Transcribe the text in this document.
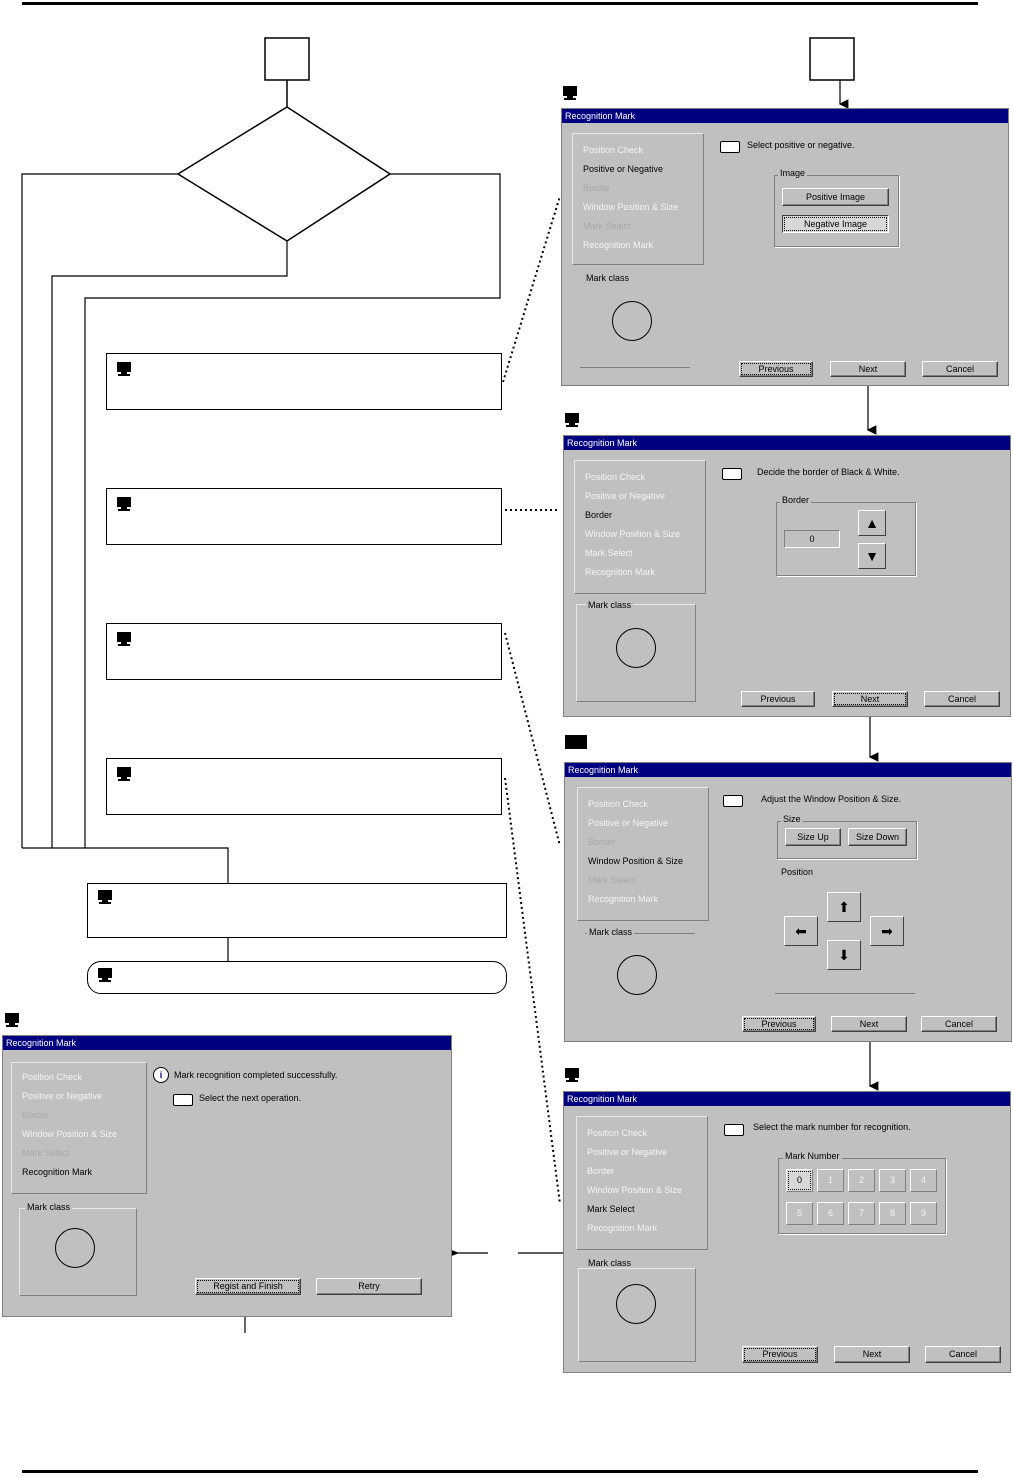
Recognition Mark
Position Check
Positive or Negative
Border
Window Position & Size
Mark Select
Recognition Mark
Mark class
Select positive or negative.
Image
Positive Image
Negative Image
Previous	Next	Cancel
Recognition Mark
Position Check
Positive or Negative
Border
Window Position & Size
Mark Select
Recognition Mark
Mark class
Decide the border of Black & White.
Border
0
▲
▼
Previous	Next	Cancel
Recognition Mark
Position Check
Positive or Negative
Border
Window Position & Size
Mark Select
Recognition Mark
Mark class
Adjust the Window Position & Size.
Size
Size Up	Size Down
Position
⬆
⬅	➡
⬇
Previous	Next	Cancel
Recognition Mark
Position Check
Positive or Negative
Border
Window Position & Size
Mark Select
Recognition Mark
Mark class
Select the mark number for recognition.
Mark Number
0	1	2	3	4
5	6	7	8	9
Previous	Next	Cancel
Recognition Mark
Position Check
Positive or Negative
Border
Window Position & Size
Mark Select
Recognition Mark
Mark class
i	Mark recognition completed successfully.
Select the next operation.
Regist and Finish	Retry
